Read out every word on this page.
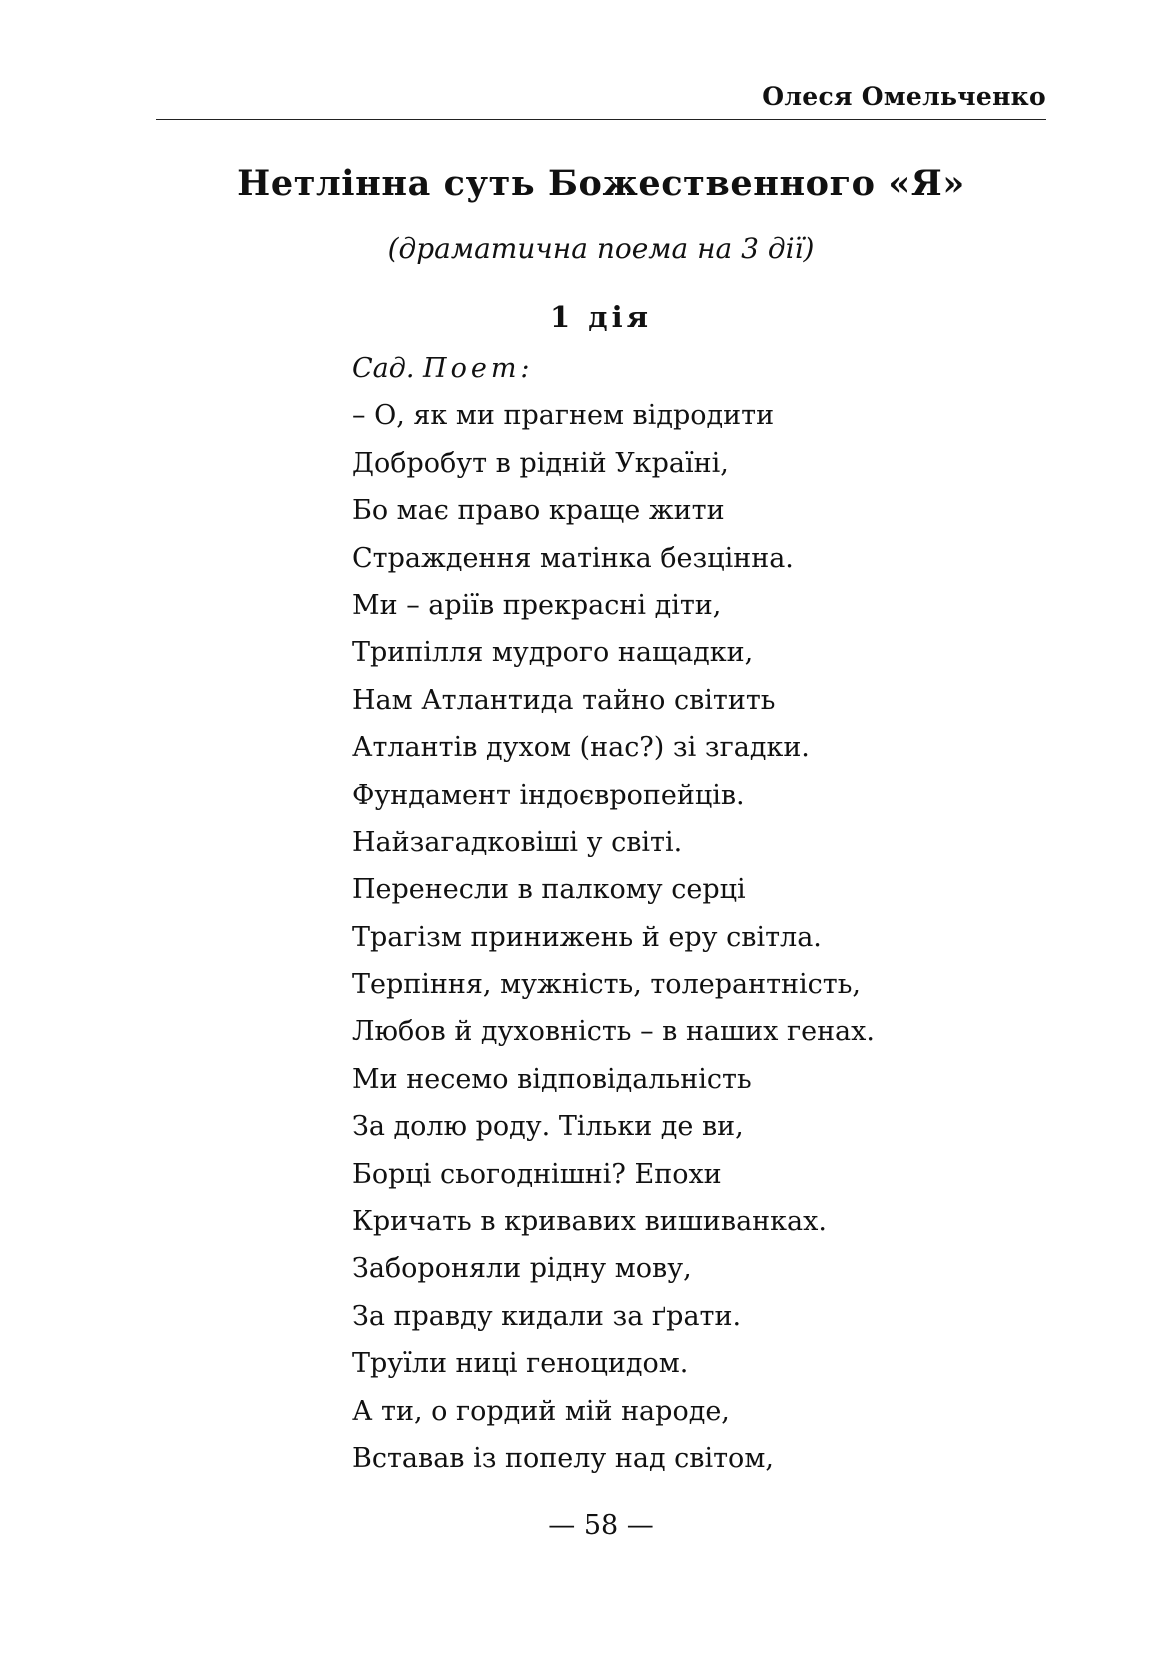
Олеся Омельченко
Нетлінна суть Божественного «Я»
(драматична поема на 3 дії)
1 дія
Сад. Поет:
– О, як ми прагнем відродити
Добробут в рідній Україні,
Бо має право краще жити
Страждення матінка безцінна.
Ми – аріїв прекрасні діти,
Трипілля мудрого нащадки,
Нам Атлантида тайно світить
Атлантів духом (нас?) зі згадки.
Фундамент індоєвропейців.
Найзагадковіші у світі.
Перенесли в палкому серці
Трагізм принижень й еру світла.
Терпіння, мужність, толерантність,
Любов й духовність – в наших генах.
Ми несемо відповідальність
За долю роду. Тільки де ви,
Борці сьогоднішні? Епохи
Кричать в кривавих вишиванках.
Забороняли рідну мову,
За правду кидали за ґрати.
Труїли ниці геноцидом.
А ти, о гордий мій народе,
Вставав із попелу над світом,
— 58 —
